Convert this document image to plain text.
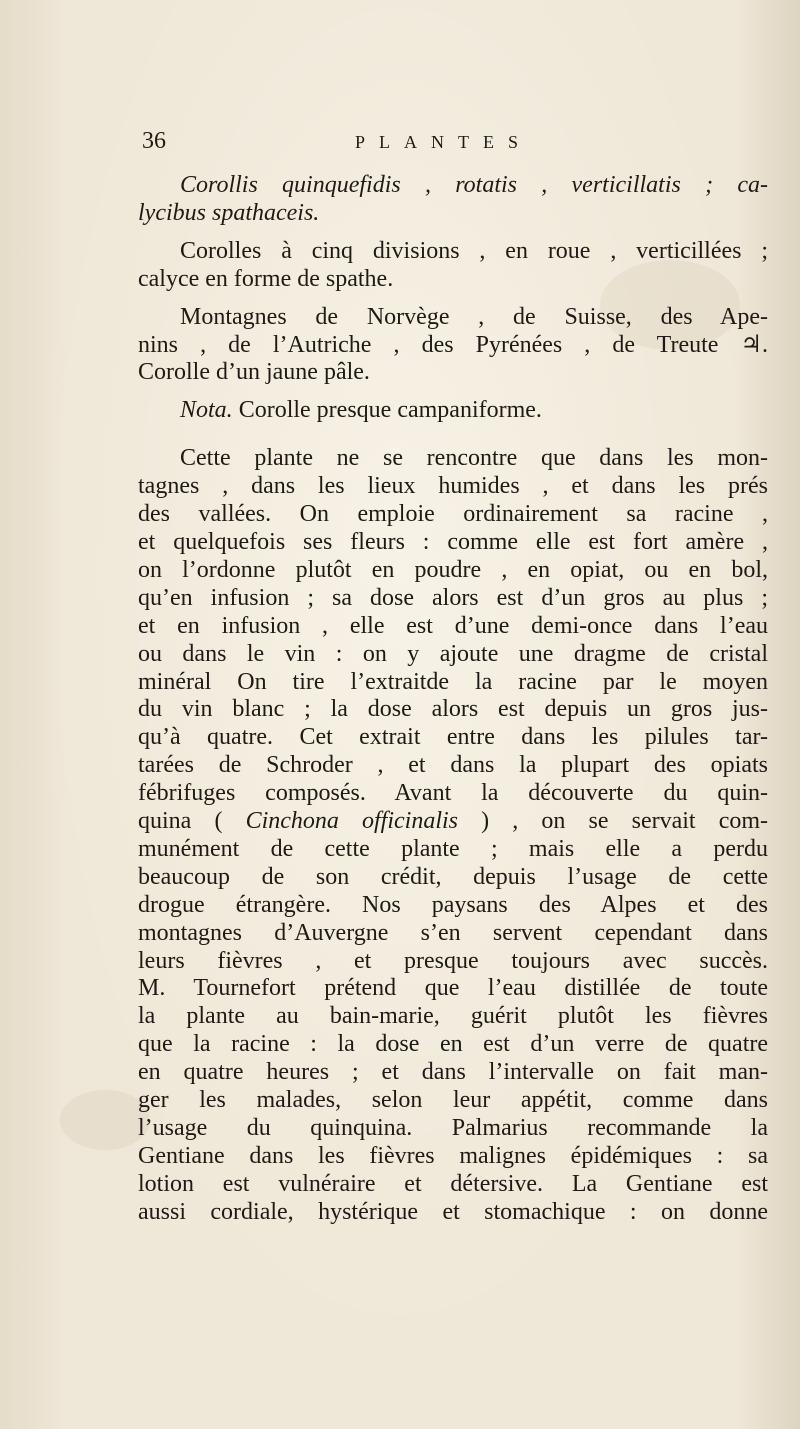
36	PLANTES

Corollis quinquefidis , rotatis , verticillatis ; ca-
lycibus spathaceis.

Corolles à cinq divisions , en roue , verticillées ;
calyce en forme de spathe.

Montagnes de Norvège , de Suisse, des Ape-
nins , de l’Autriche , des Pyrénées , de Treute ♃.
Corolle d’un jaune pâle.

Nota. Corolle presque campaniforme.

Cette plante ne se rencontre que dans les mon-
tagnes , dans les lieux humides , et dans les prés
des vallées. On emploie ordinairement sa racine ,
et quelquefois ses fleurs : comme elle est fort amère ,
on l’ordonne plutôt en poudre , en opiat, ou en bol,
qu’en infusion ; sa dose alors est d’un gros au plus ;
et en infusion , elle est d’une demi-once dans l’eau
ou dans le vin : on y ajoute une dragme de cristal
minéral On tire l’extraitde la racine par le moyen
du vin blanc ; la dose alors est depuis un gros jus-
qu’à quatre. Cet extrait entre dans les pilules tar-
tarées de Schroder , et dans la plupart des opiats
fébrifuges composés. Avant la découverte du quin-
quina ( Cinchona officinalis ) , on se servait com-
munément de cette plante ; mais elle a perdu
beaucoup de son crédit, depuis l’usage de cette
drogue étrangère. Nos paysans des Alpes et des
montagnes d’Auvergne s’en servent cependant dans
leurs fièvres , et presque toujours avec succès.
M. Tournefort prétend que l’eau distillée de toute
la plante au bain-marie, guérit plutôt les fièvres
que la racine : la dose en est d’un verre de quatre
en quatre heures ; et dans l’intervalle on fait man-
ger les malades, selon leur appétit, comme dans
l’usage du quinquina. Palmarius recommande la
Gentiane dans les fièvres malignes épidémiques : sa
lotion est vulnéraire et détersive. La Gentiane est
aussi cordiale, hystérique et stomachique : on donne
